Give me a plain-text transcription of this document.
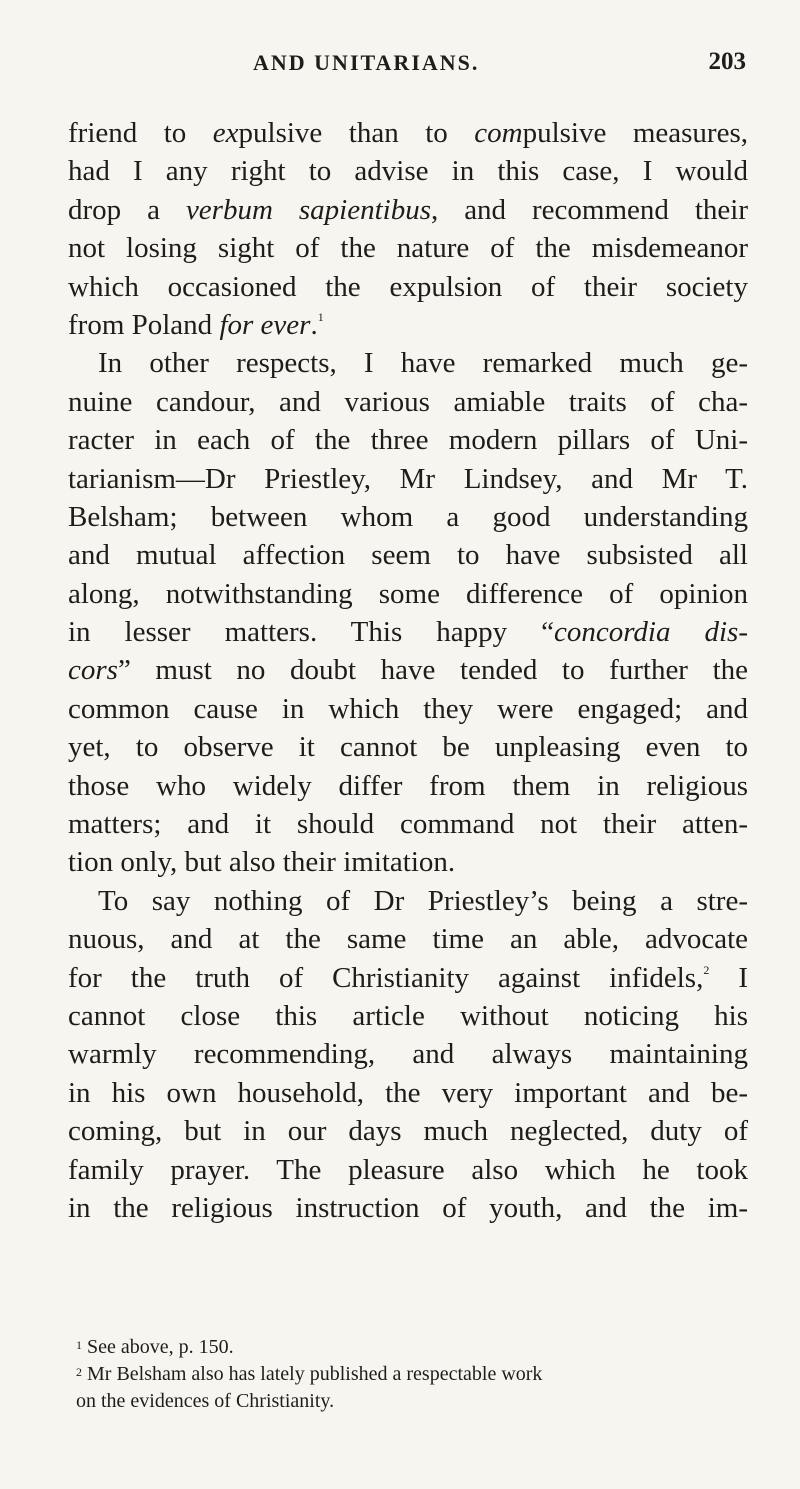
AND UNITARIANS.	203
friend to expulsive than to compulsive measures,
had I any right to advise in this case, I would
drop a verbum sapientibus, and recommend their
not losing sight of the nature of the misdemeanor
which occasioned the expulsion of their society
from Poland for ever.$^1$
In other respects, I have remarked much ge-
nuine candour, and various amiable traits of cha-
racter in each of the three modern pillars of Uni-
tarianism—Dr Priestley, Mr Lindsey, and Mr T.
Belsham; between whom a good understanding
and mutual affection seem to have subsisted all
along, notwithstanding some difference of opinion
in lesser matters. This happy “concordia dis-
cors” must no doubt have tended to further the
common cause in which they were engaged; and
yet, to observe it cannot be unpleasing even to
those who widely differ from them in religious
matters; and it should command not their atten-
tion only, but also their imitation.
To say nothing of Dr Priestley’s being a stre-
nuous, and at the same time an able, advocate
for the truth of Christianity against infidels,$^2$ I
cannot close this article without noticing his
warmly recommending, and always maintaining
in his own household, the very important and be-
coming, but in our days much neglected, duty of
family prayer. The pleasure also which he took
in the religious instruction of youth, and the im-
$^1$ See above, p. 150.
$^2$ Mr Belsham also has lately published a respectable work
on the evidences of Christianity.
